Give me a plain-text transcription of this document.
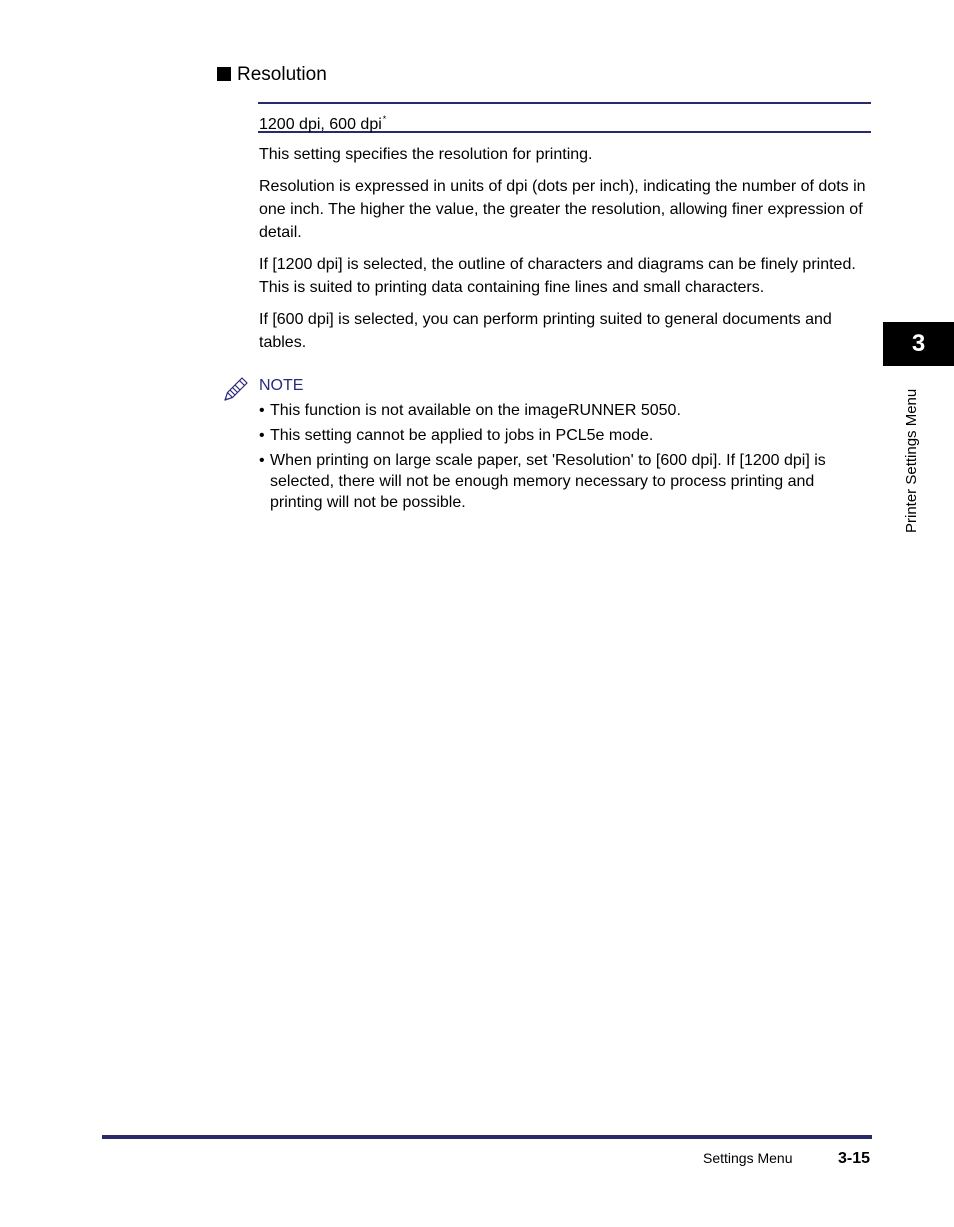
Resolution
1200 dpi, 600 dpi*

This setting specifies the resolution for printing.

Resolution is expressed in units of dpi (dots per inch), indicating the number of dots in one inch. The higher the value, the greater the resolution, allowing finer expression of detail.

If [1200 dpi] is selected, the outline of characters and diagrams can be finely printed. This is suited to printing data containing fine lines and small characters.

If [600 dpi] is selected, you can perform printing suited to general documents and tables.

NOTE
• This function is not available on the imageRUNNER 5050.
• This setting cannot be applied to jobs in PCL5e mode.
• When printing on large scale paper, set 'Resolution' to [600 dpi]. If [1200 dpi] is selected, there will not be enough memory necessary to process printing and printing will not be possible.
3
Printer Settings Menu
Settings Menu	3-15
